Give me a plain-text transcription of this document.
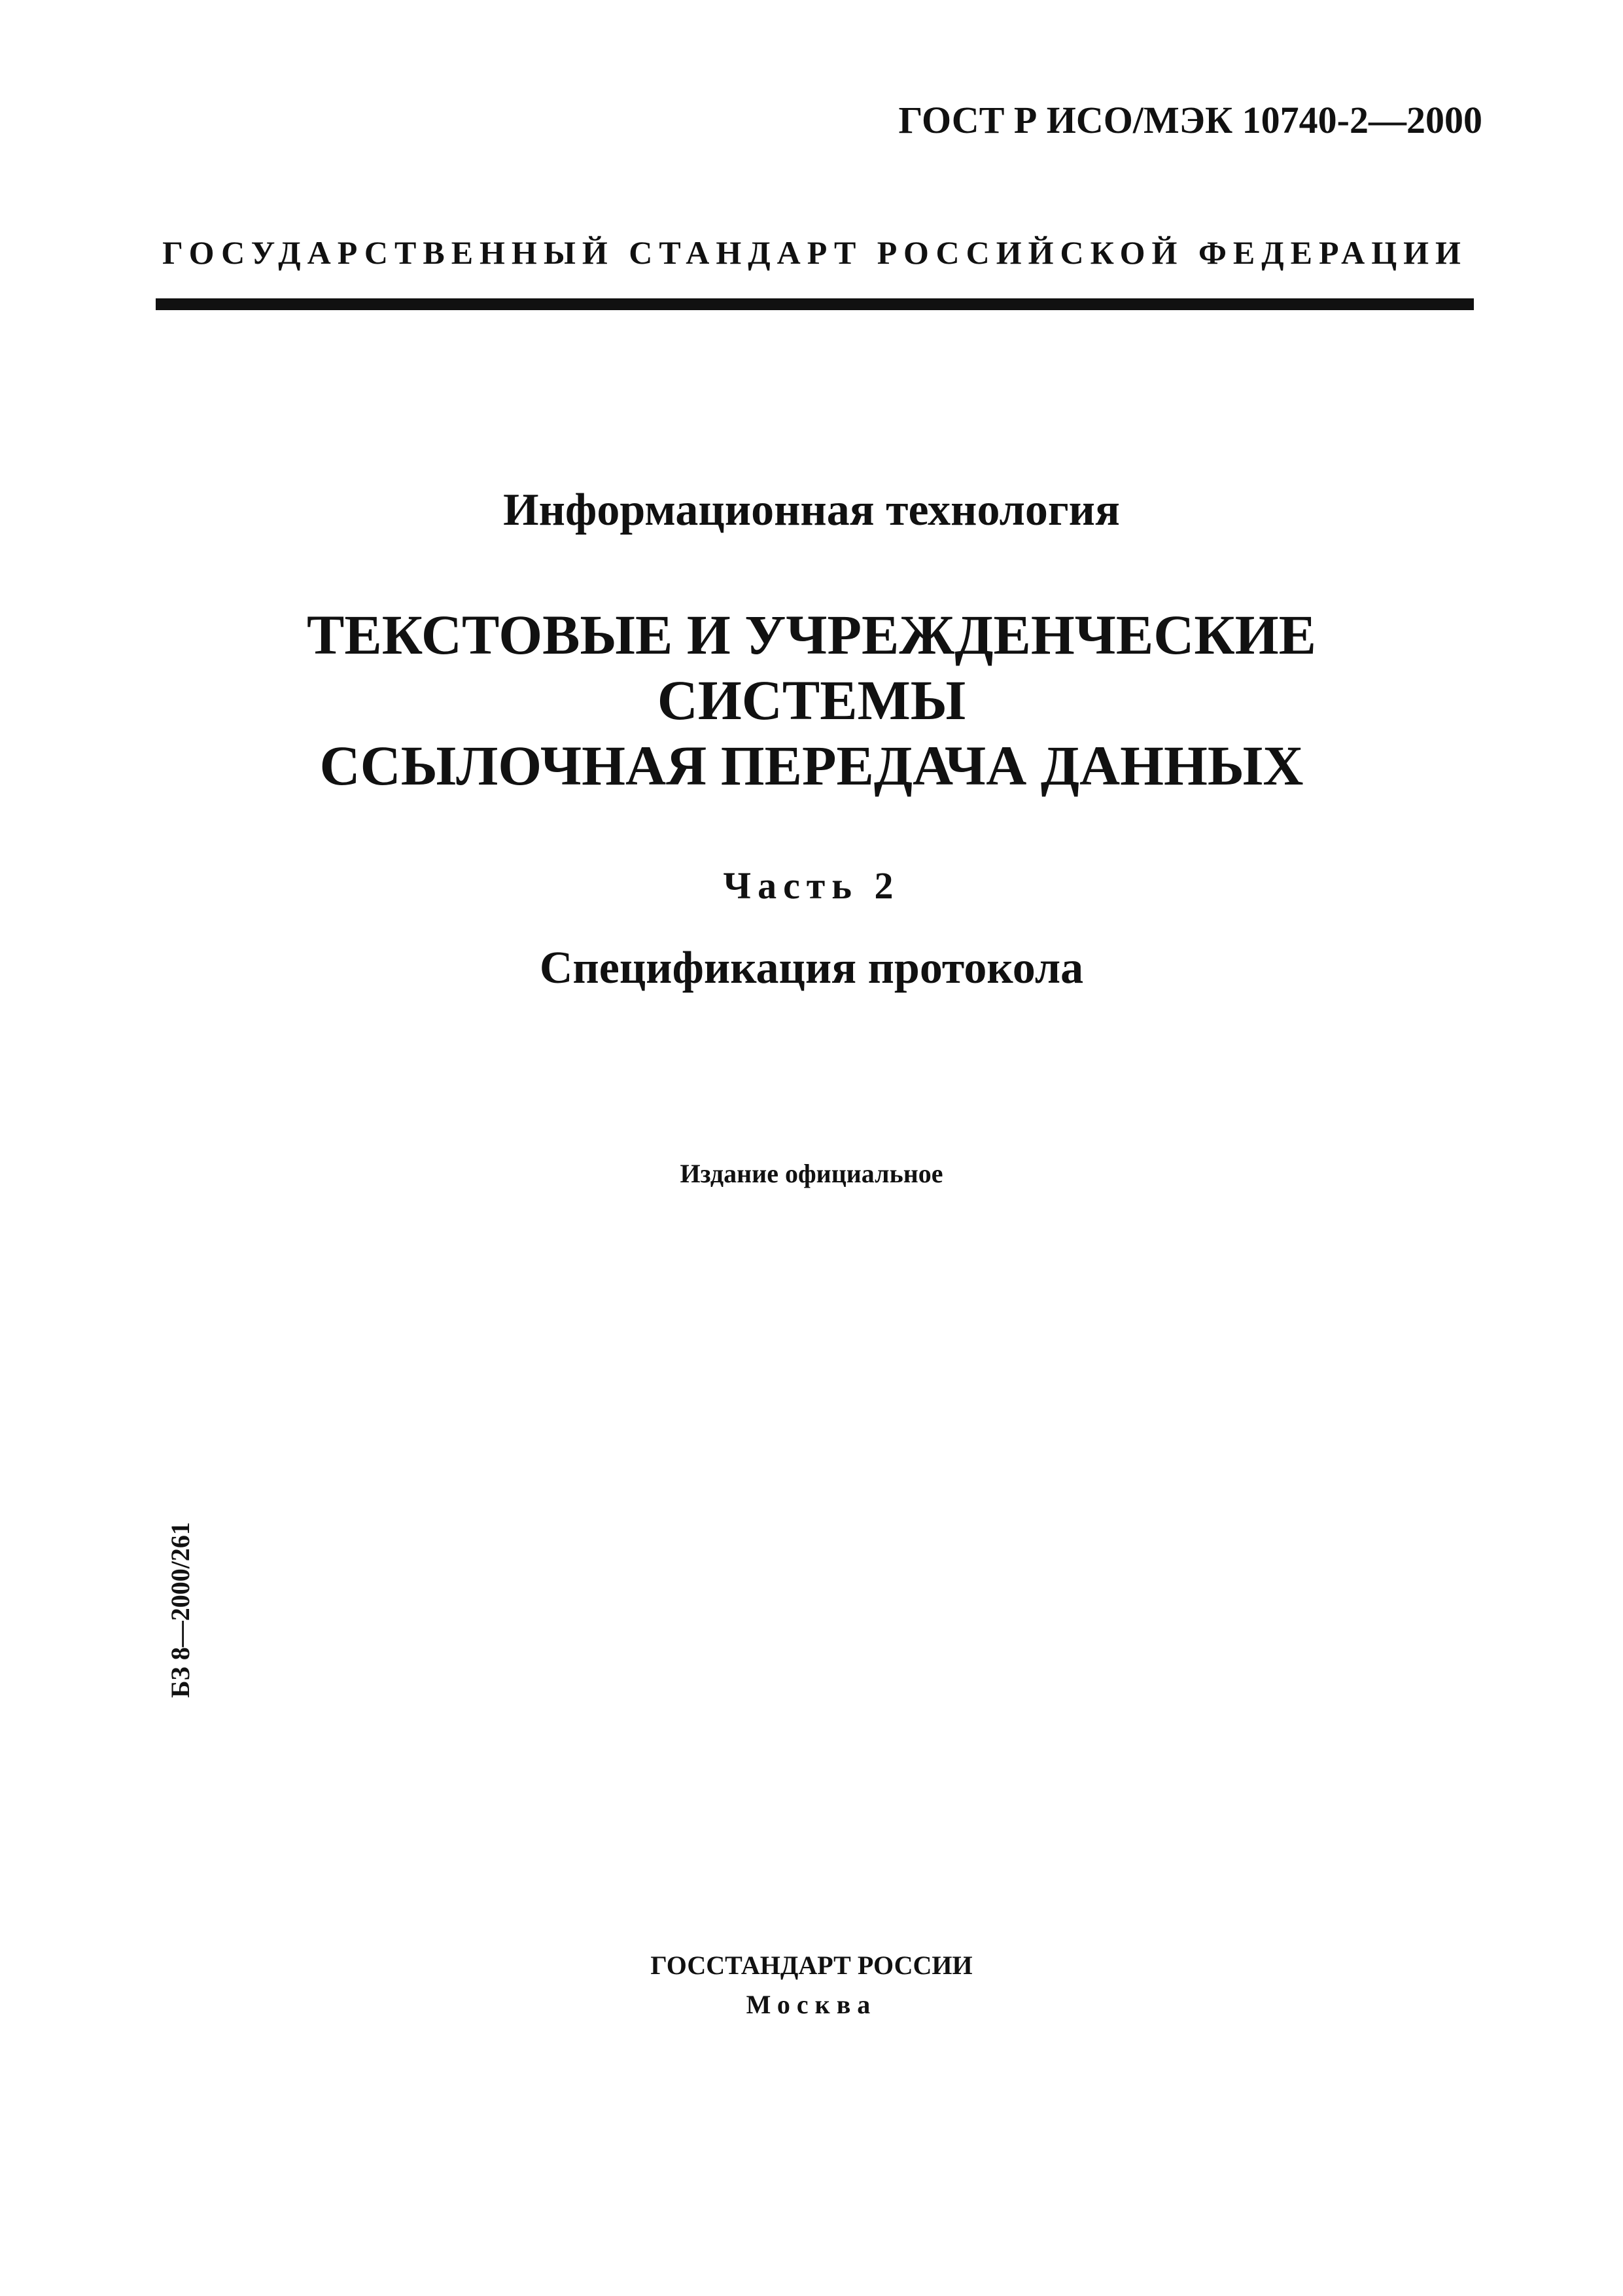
ГОСТ Р ИСО/МЭК 10740-2—2000
ГОСУДАРСТВЕННЫЙ СТАНДАРТ РОССИЙСКОЙ ФЕДЕРАЦИИ
Информационная технология
ТЕКСТОВЫЕ И УЧРЕЖДЕНЧЕСКИЕ
СИСТЕМЫ
ССЫЛОЧНАЯ ПЕРЕДАЧА ДАННЫХ
Часть 2
Спецификация протокола
Издание официальное
БЗ 8—2000/261
ГОССТАНДАРТ РОССИИ
Москва
